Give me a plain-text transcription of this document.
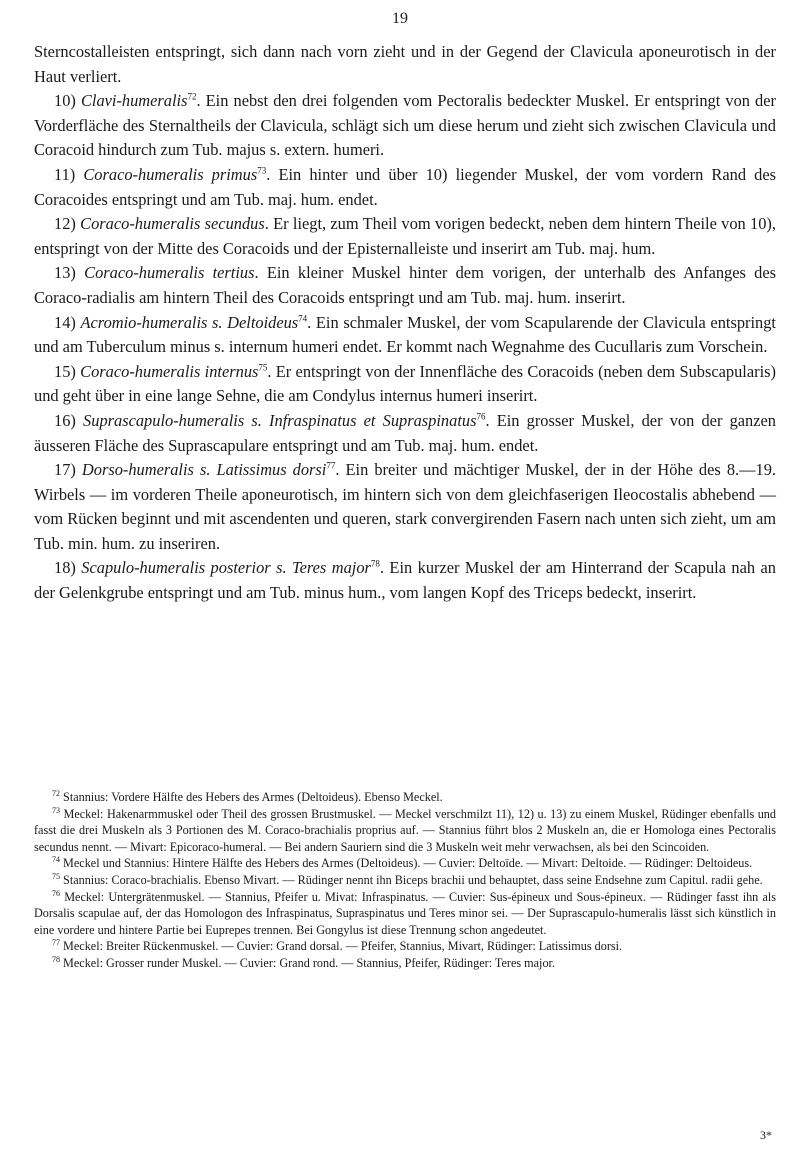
19

Sterncostalleisten entspringt, sich dann nach vorn zieht und in der Gegend der Clavicula aponeurotisch in der Haut verliert.

10) Clavi-humeralis$^{72}$. Ein nebst den drei folgenden vom Pectoralis bedeckter Muskel. Er entspringt von der Vorderfläche des Sternaltheils der Clavicula, schlägt sich um diese herum und zieht sich zwischen Clavicula und Coracoid hindurch zum Tub. majus s. extern. humeri.

11) Coraco-humeralis primus$^{73}$. Ein hinter und über 10) liegender Muskel, der vom vordern Rand des Coracoides entspringt und am Tub. maj. hum. endet.

12) Coraco-humeralis secundus. Er liegt, zum Theil vom vorigen bedeckt, neben dem hintern Theile von 10), entspringt von der Mitte des Coracoids und der Episternalleiste und inserirt am Tub. maj. hum.

13) Coraco-humeralis tertius. Ein kleiner Muskel hinter dem vorigen, der unterhalb des Anfanges des Coraco-radialis am hintern Theil des Coracoids entspringt und am Tub. maj. hum. inserirt.

14) Acromio-humeralis s. Deltoideus$^{74}$. Ein schmaler Muskel, der vom Scapularende der Clavicula entspringt und am Tuberculum minus s. internum humeri endet. Er kommt nach Wegnahme des Cucullaris zum Vorschein.

15) Coraco-humeralis internus$^{75}$. Er entspringt von der Innenfläche des Coracoids (neben dem Subscapularis) und geht über in eine lange Sehne, die am Condylus internus humeri inserirt.

16) Suprascapulo-humeralis s. Infraspinatus et Supraspinatus$^{76}$. Ein grosser Muskel, der von der ganzen äusseren Fläche des Suprascapulare entspringt und am Tub. maj. hum. endet.

17) Dorso-humeralis s. Latissimus dorsi$^{77}$. Ein breiter und mächtiger Muskel, der in der Höhe des 8.—19. Wirbels — im vorderen Theile aponeurotisch, im hintern sich von dem gleichfaserigen Ileocostalis abhebend — vom Rücken beginnt und mit ascendenten und queren, stark convergirenden Fasern nach unten sich zieht, um am Tub. min. hum. zu inseriren.

18) Scapulo-humeralis posterior s. Teres major$^{78}$. Ein kurzer Muskel der am Hinterrand der Scapula nah an der Gelenkgrube entspringt und am Tub. minus hum., vom langen Kopf des Triceps bedeckt, inserirt.

$^{72}$ Stannius: Vordere Hälfte des Hebers des Armes (Deltoideus). Ebenso Meckel.

$^{73}$ Meckel: Hakenarmmuskel oder Theil des grossen Brustmuskel. — Meckel verschmilzt 11), 12) u. 13) zu einem Muskel, Rüdinger ebenfalls und fasst die drei Muskeln als 3 Portionen des M. Coraco-brachialis proprius auf. — Stannius führt blos 2 Muskeln an, die er Homologa eines Pectoralis secundus nennt. — Mivart: Epicoraco-humeral. — Bei andern Sauriern sind die 3 Muskeln weit mehr verwachsen, als bei den Scincoiden.

$^{74}$ Meckel und Stannius: Hintere Hälfte des Hebers des Armes (Deltoideus). — Cuvier: Deltoïde. — Mivart: Deltoide. — Rüdinger: Deltoideus.

$^{75}$ Stannius: Coraco-brachialis. Ebenso Mivart. — Rüdinger nennt ihn Biceps brachii und behauptet, dass seine Endsehne zum Capitul. radii gehe.

$^{76}$ Meckel: Untergrätenmuskel. — Stannius, Pfeifer u. Mivat: Infraspinatus. — Cuvier: Sus-épineux und Sous-épineux. — Rüdinger fasst ihn als Dorsalis scapulae auf, der das Homologon des Infraspinatus, Supraspinatus und Teres minor sei. — Der Suprascapulo-humeralis lässt sich künstlich in eine vordere und hintere Partie bei Euprepes trennen. Bei Gongylus ist diese Trennung schon angedeutet.

$^{77}$ Meckel: Breiter Rückenmuskel. — Cuvier: Grand dorsal. — Pfeifer, Stannius, Mivart, Rüdinger: Latissimus dorsi.

$^{78}$ Meckel: Grosser runder Muskel. — Cuvier: Grand rond. — Stannius, Pfeifer, Rüdinger: Teres major.

3*
